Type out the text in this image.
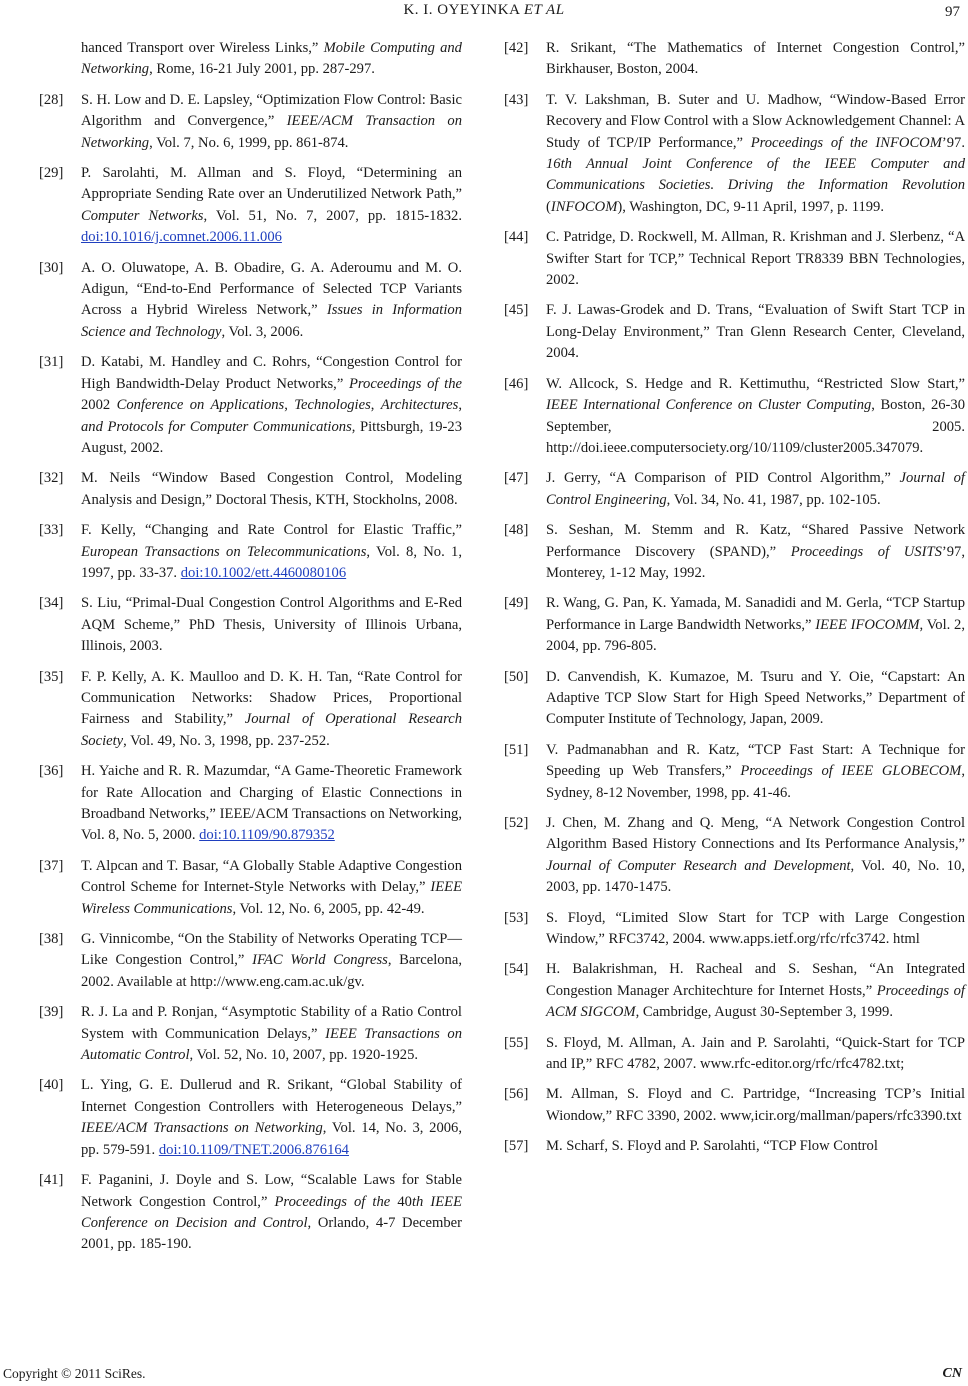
K. I. OYEYINKA ET AL	97
hanced Transport over Wireless Links,” Mobile Computing and Networking, Rome, 16-21 July 2001, pp. 287-297.
[28] S. H. Low and D. E. Lapsley, “Optimization Flow Control: Basic Algorithm and Convergence,” IEEE/ACM Transaction on Networking, Vol. 7, No. 6, 1999, pp. 861-874.
[29] P. Sarolahti, M. Allman and S. Floyd, “Determining an Appropriate Sending Rate over an Underutilized Network Path,” Computer Networks, Vol. 51, No. 7, 2007, pp. 1815-1832. doi:10.1016/j.comnet.2006.11.006
[30] A. O. Oluwatope, A. B. Obadire, G. A. Aderoumu and M. O. Adigun, “End-to-End Performance of Selected TCP Variants Across a Hybrid Wireless Network,” Issues in Information Science and Technology, Vol. 3, 2006.
[31] D. Katabi, M. Handley and C. Rohrs, “Congestion Control for High Bandwidth-Delay Product Networks,” Proceedings of the 2002 Conference on Applications, Technologies, Architectures, and Protocols for Computer Communications, Pittsburgh, 19-23 August, 2002.
[32] M. Neils “Window Based Congestion Control, Modeling Analysis and Design,” Doctoral Thesis, KTH, Stockholns, 2008.
[33] F. Kelly, “Changing and Rate Control for Elastic Traffic,” European Transactions on Telecommunications, Vol. 8, No. 1, 1997, pp. 33-37. doi:10.1002/ett.4460080106
[34] S. Liu, “Primal-Dual Congestion Control Algorithms and E-Red AQM Scheme,” PhD Thesis, University of Illinois Urbana, Illinois, 2003.
[35] F. P. Kelly, A. K. Maulloo and D. K. H. Tan, “Rate Control for Communication Networks: Shadow Prices, Proportional Fairness and Stability,” Journal of Operational Research Society, Vol. 49, No. 3, 1998, pp. 237-252.
[36] H. Yaiche and R. R. Mazumdar, “A Game-Theoretic Framework for Rate Allocation and Charging of Elastic Connections in Broadband Networks,” IEEE/ACM Transactions on Networking, Vol. 8, No. 5, 2000. doi:10.1109/90.879352
[37] T. Alpcan and T. Basar, “A Globally Stable Adaptive Congestion Control Scheme for Internet-Style Networks with Delay,” IEEE Wireless Communications, Vol. 12, No. 6, 2005, pp. 42-49.
[38] G. Vinnicombe, “On the Stability of Networks Operating TCP—Like Congestion Control,” IFAC World Congress, Barcelona, 2002. Available at http://www.eng.cam.ac.uk/gv.
[39] R. J. La and P. Ronjan, “Asymptotic Stability of a Ratio Control System with Communication Delays,” IEEE Transactions on Automatic Control, Vol. 52, No. 10, 2007, pp. 1920-1925.
[40] L. Ying, G. E. Dullerud and R. Srikant, “Global Stability of Internet Congestion Controllers with Heterogeneous Delays,” IEEE/ACM Transactions on Networking, Vol. 14, No. 3, 2006, pp. 579-591. doi:10.1109/TNET.2006.876164
[41] F. Paganini, J. Doyle and S. Low, “Scalable Laws for Stable Network Congestion Control,” Proceedings of the 40th IEEE Conference on Decision and Control, Orlando, 4-7 December 2001, pp. 185-190.
[42] R. Srikant, “The Mathematics of Internet Congestion Control,” Birkhauser, Boston, 2004.
[43] T. V. Lakshman, B. Suter and U. Madhow, “Window-Based Error Recovery and Flow Control with a Slow Acknowledgement Channel: A Study of TCP/IP Performance,” Proceedings of the INFOCOM’97. 16th Annual Joint Conference of the IEEE Computer and Communications Societies. Driving the Information Revolution (INFOCOM), Washington, DC, 9-11 April, 1997, p. 1199.
[44] C. Patridge, D. Rockwell, M. Allman, R. Krishman and J. Slerbenz, “A Swifter Start for TCP,” Technical Report TR8339 BBN Technologies, 2002.
[45] F. J. Lawas-Grodek and D. Trans, “Evaluation of Swift Start TCP in Long-Delay Environment,” Tran Glenn Research Center, Cleveland, 2004.
[46] W. Allcock, S. Hedge and R. Kettimuthu, “Restricted Slow Start,” IEEE International Conference on Cluster Computing, Boston, 26-30 September, 2005. http://doi.ieee.computersociety.org/10/1109/cluster2005.347079.
[47] J. Gerry, “A Comparison of PID Control Algorithm,” Journal of Control Engineering, Vol. 34, No. 41, 1987, pp. 102-105.
[48] S. Seshan, M. Stemm and R. Katz, “Shared Passive Network Performance Discovery (SPAND),” Proceedings of USITS’97, Monterey, 1-12 May, 1992.
[49] R. Wang, G. Pan, K. Yamada, M. Sanadidi and M. Gerla, “TCP Startup Performance in Large Bandwidth Networks,” IEEE IFOCOMM, Vol. 2, 2004, pp. 796-805.
[50] D. Canvendish, K. Kumazoe, M. Tsuru and Y. Oie, “Capstart: An Adaptive TCP Slow Start for High Speed Networks,” Department of Computer Institute of Technology, Japan, 2009.
[51] V. Padmanabhan and R. Katz, “TCP Fast Start: A Technique for Speeding up Web Transfers,” Proceedings of IEEE GLOBECOM, Sydney, 8-12 November, 1998, pp. 41-46.
[52] J. Chen, M. Zhang and Q. Meng, “A Network Congestion Control Algorithm Based History Connections and Its Performance Analysis,” Journal of Computer Research and Development, Vol. 40, No. 10, 2003, pp. 1470-1475.
[53] S. Floyd, “Limited Slow Start for TCP with Large Congestion Window,” RFC3742, 2004. www.apps.ietf.org/rfc/rfc3742. html
[54] H. Balakrishman, H. Racheal and S. Seshan, “An Integrated Congestion Manager Architechture for Internet Hosts,” Proceedings of ACM SIGCOM, Cambridge, August 30-September 3, 1999.
[55] S. Floyd, M. Allman, A. Jain and P. Sarolahti, “Quick-Start for TCP and IP,” RFC 4782, 2007. www.rfc-editor.org/rfc/rfc4782.txt;
[56] M. Allman, S. Floyd and C. Partridge, “Increasing TCP’s Initial Wiondow,” RFC 3390, 2002. www,icir.org/mallman/papers/rfc3390.txt
[57] M. Scharf, S. Floyd and P. Sarolahti, “TCP Flow Control
Copyright © 2011 SciRes.	CN
